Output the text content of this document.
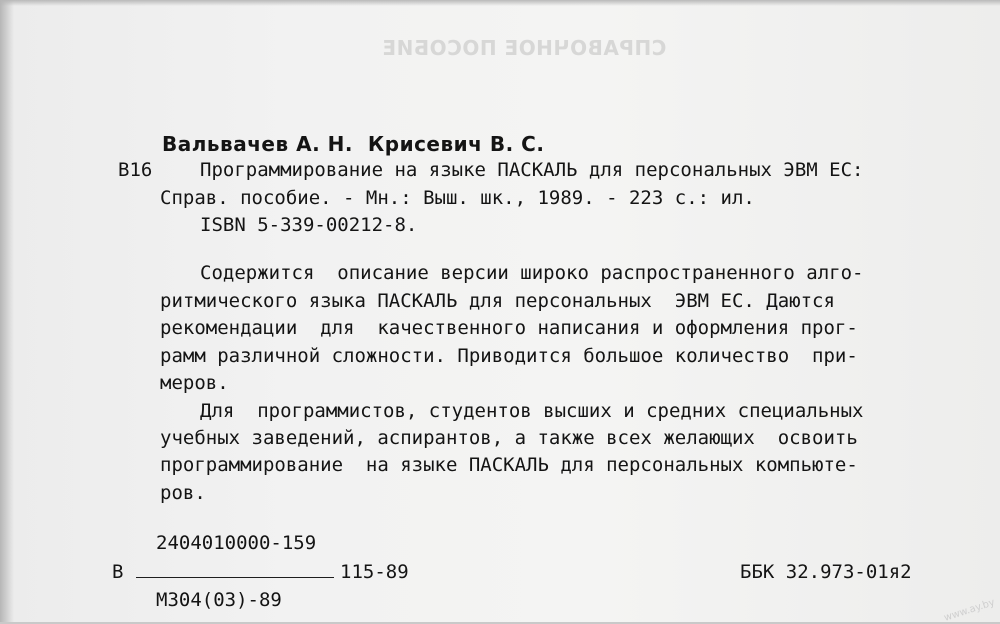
СПРАВОЧНОЕ ПОСОБИЕ
Вальвачев А. Н.  Крисевич В. С.
В16	Программирование на языке ПАСКАЛЬ для персональных ЭВМ ЕС:
Справ. пособие. - Мн.: Выш. шк., 1989. - 223 с.: ил.
ISBN 5-339-00212-8.
Содержится  описание версии широко распространенного алго-
ритмического языка ПАСКАЛЬ для персональных  ЭВМ ЕС. Даются
рекомендации  для  качественного написания и оформления прог-
рамм различной сложности. Приводится большое количество  при-
меров.
Для  программистов, студентов высших и средних специальных
учебных заведений, аспирантов, а также всех желающих  освоить
программирование  на языке ПАСКАЛЬ для персональных компьюте-
ров.
2404010000-159
В	115-89
М304(03)-89
ББК 32.973-01я2
www.ay.by
